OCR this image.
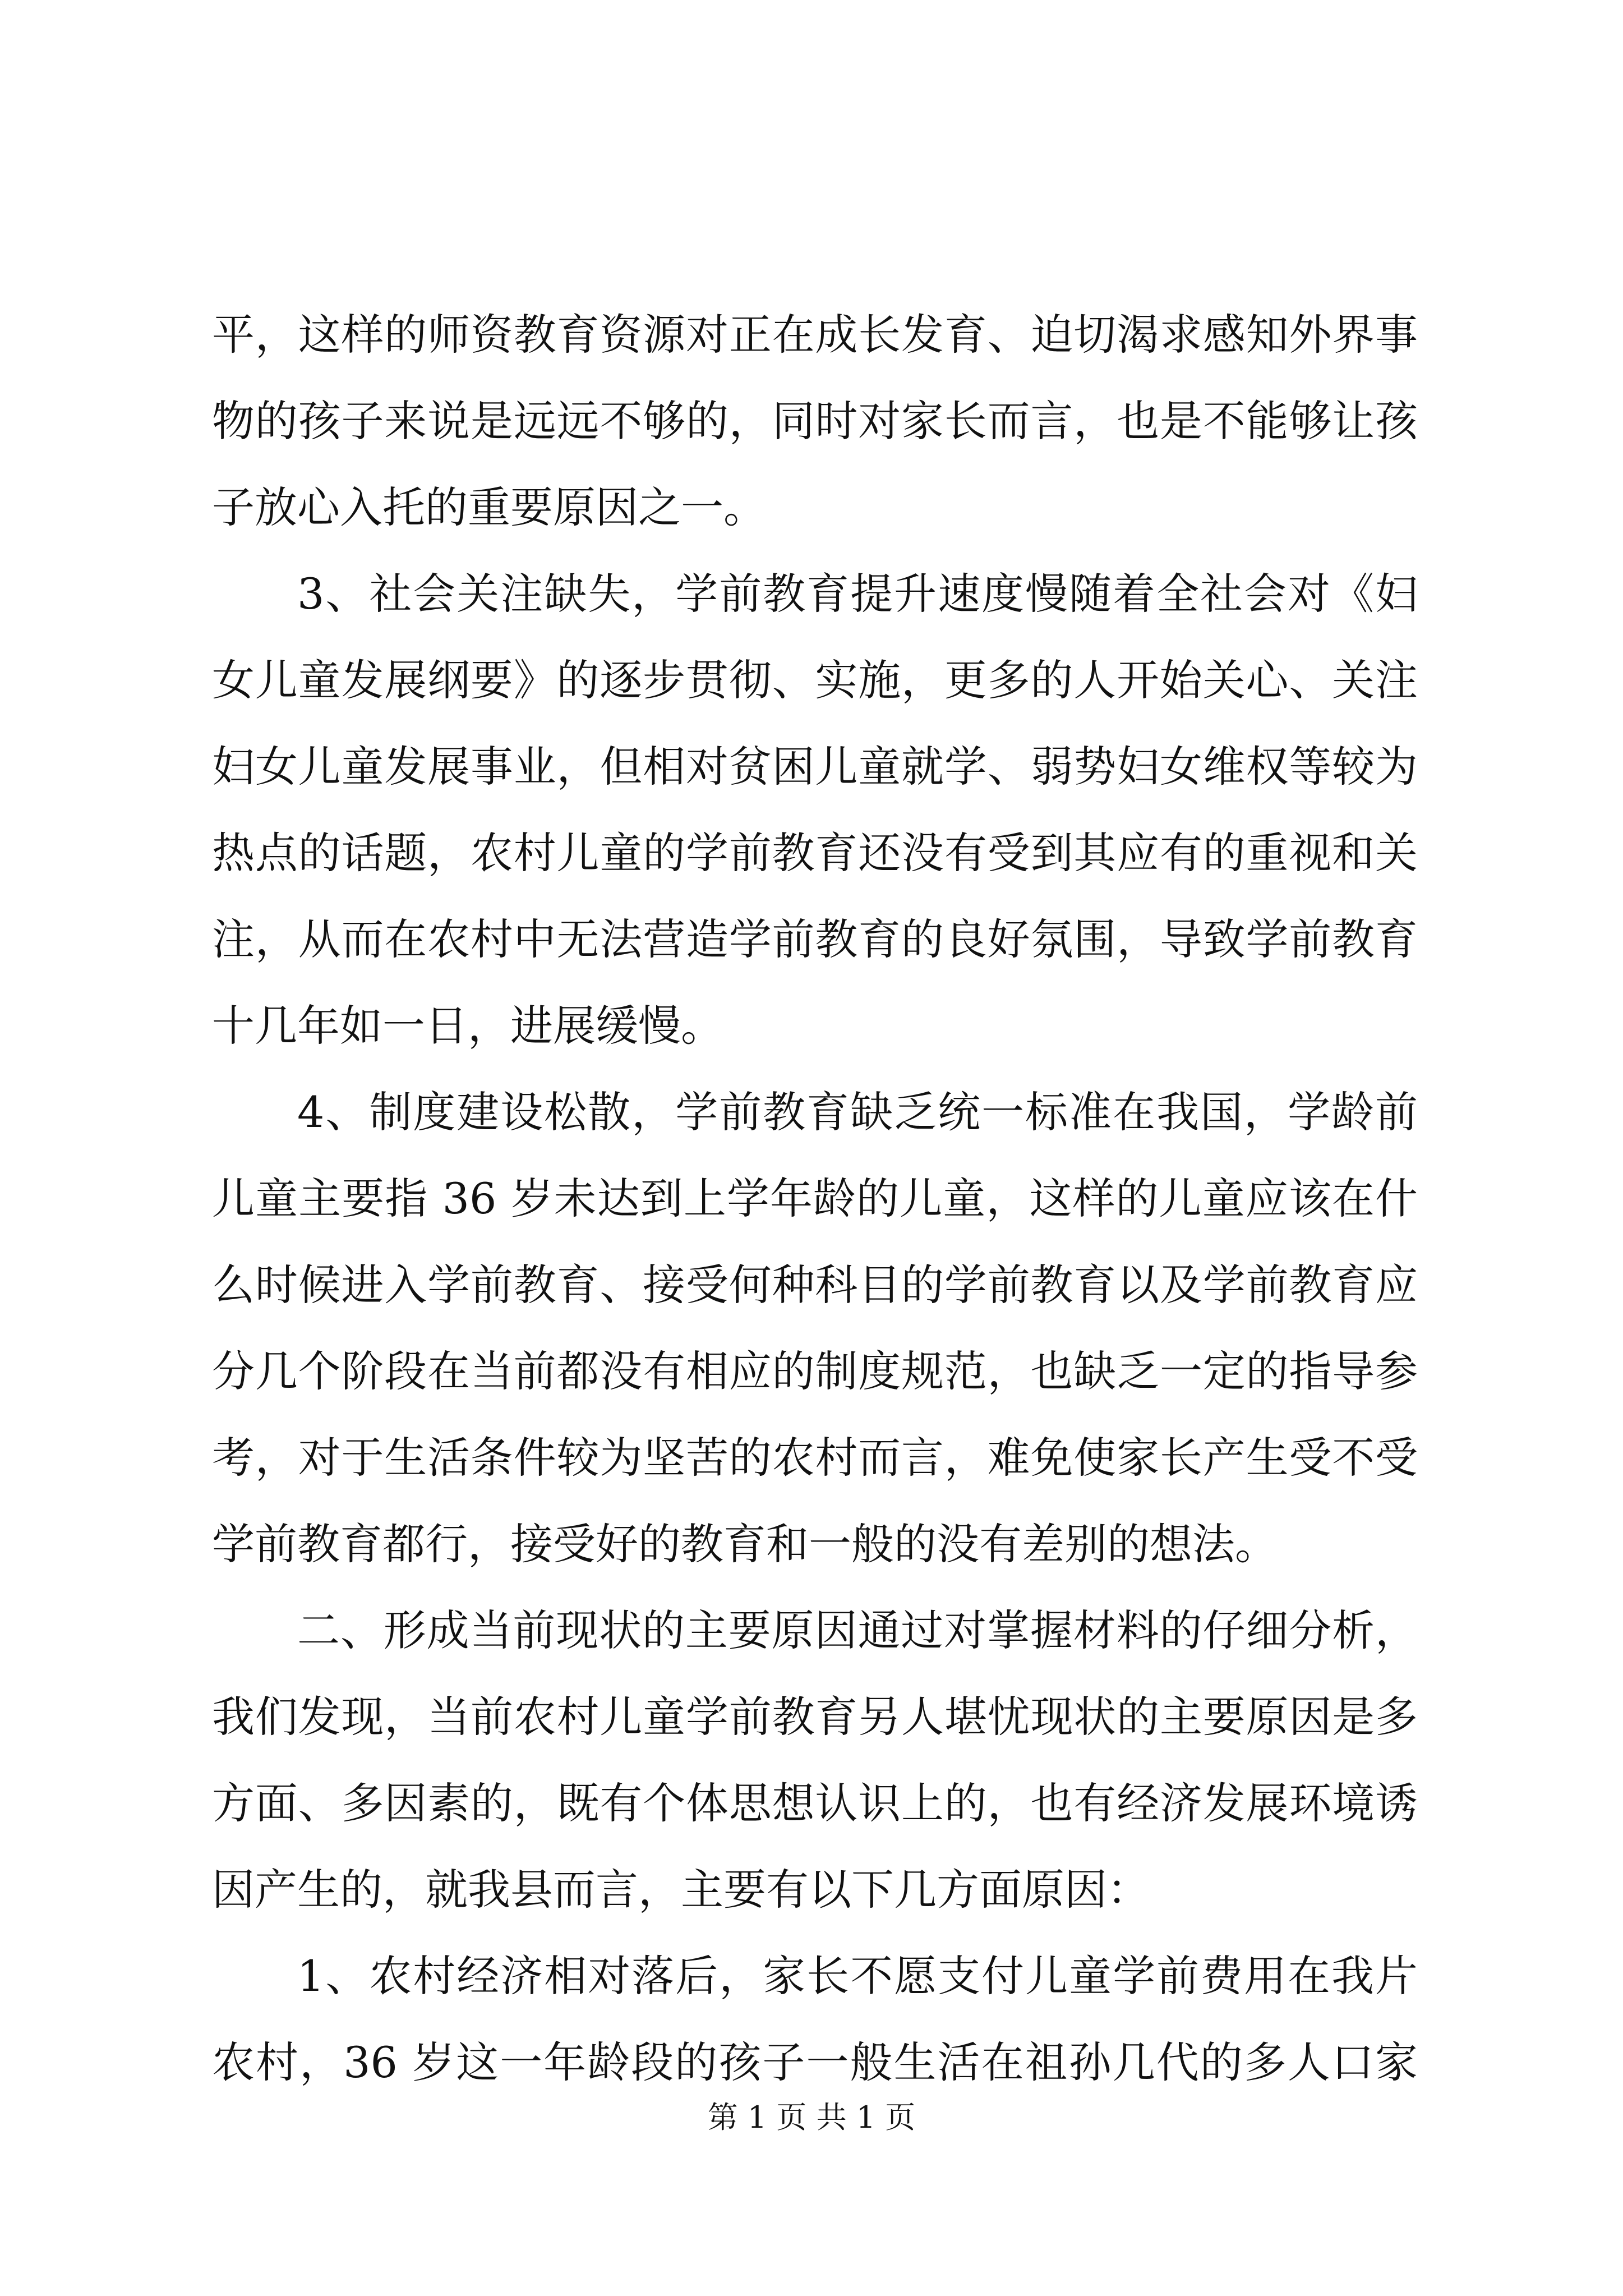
平，这样的师资教育资源对正在成长发育、迫切渴求感知外界事
物的孩子来说是远远不够的，同时对家长而言，也是不能够让孩
子放心入托的重要原因之一。
3、社会关注缺失，学前教育提升速度慢随着全社会对《妇
女儿童发展纲要》的逐步贯彻、实施，更多的人开始关心、关注
妇女儿童发展事业，但相对贫困儿童就学、弱势妇女维权等较为
热点的话题，农村儿童的学前教育还没有受到其应有的重视和关
注，从而在农村中无法营造学前教育的良好氛围，导致学前教育
十几年如一日，进展缓慢。
4、制度建设松散，学前教育缺乏统一标准在我国，学龄前
儿童主要指 36 岁未达到上学年龄的儿童，这样的儿童应该在什
么时候进入学前教育、接受何种科目的学前教育以及学前教育应
分几个阶段在当前都没有相应的制度规范，也缺乏一定的指导参
考，对于生活条件较为坚苦的农村而言，难免使家长产生受不受
学前教育都行，接受好的教育和一般的没有差别的想法。
二、形成当前现状的主要原因通过对掌握材料的仔细分析，
我们发现，当前农村儿童学前教育另人堪忧现状的主要原因是多
方面、多因素的，既有个体思想认识上的，也有经济发展环境诱
因产生的，就我县而言，主要有以下几方面原因：
1、农村经济相对落后，家长不愿支付儿童学前费用在我片
农村，36 岁这一年龄段的孩子一般生活在祖孙几代的多人口家
第 1 页 共 1 页
